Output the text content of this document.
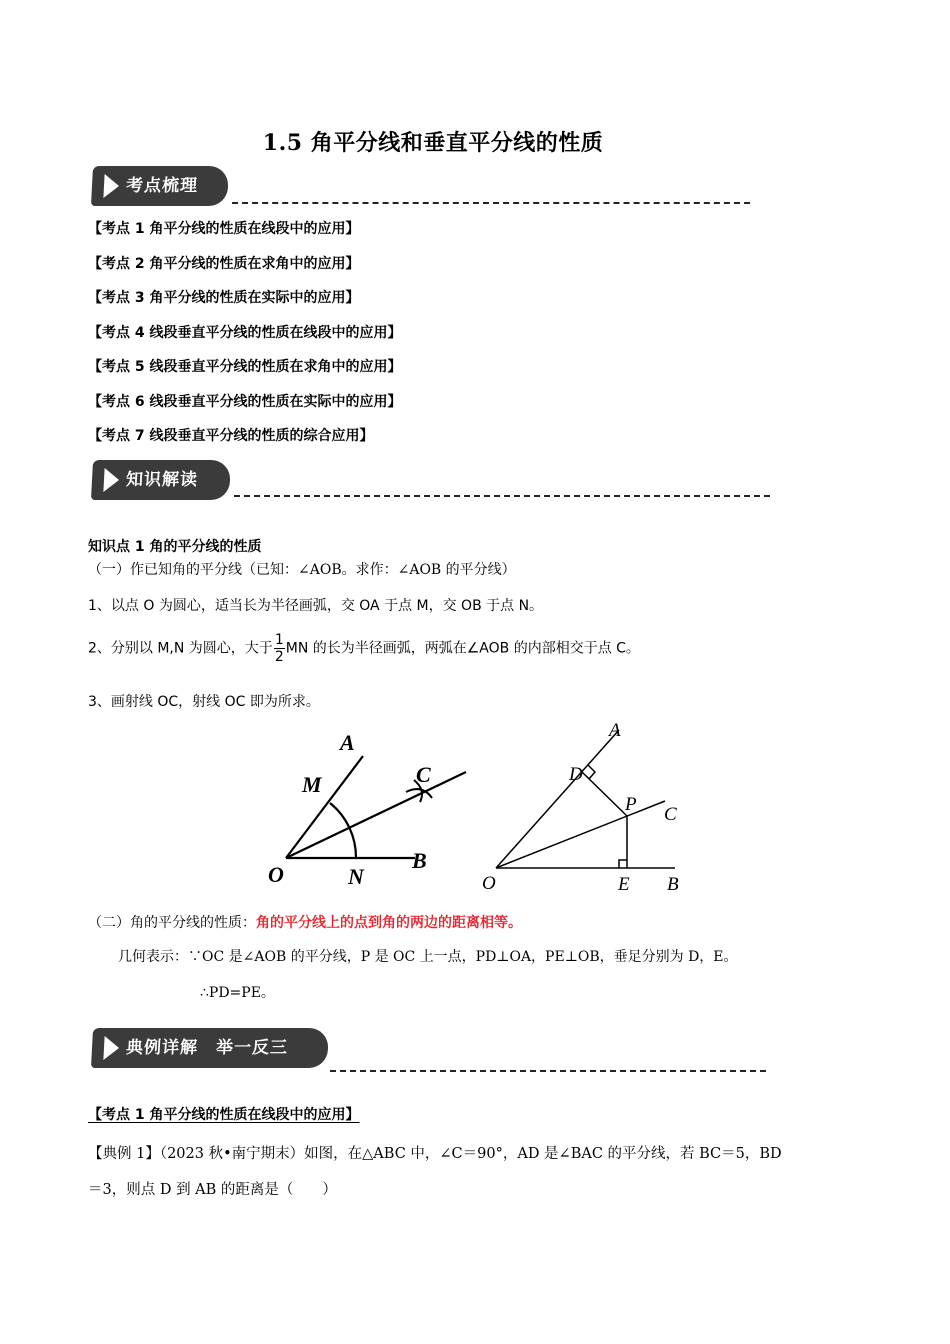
1.5 角平分线和垂直平分线的性质
考点梳理
【考点 1 角平分线的性质在线段中的应用】
【考点 2 角平分线的性质在求角中的应用】
【考点 3 角平分线的性质在实际中的应用】
【考点 4 线段垂直平分线的性质在线段中的应用】
【考点 5 线段垂直平分线的性质在求角中的应用】
【考点 6 线段垂直平分线的性质在实际中的应用】
【考点 7 线段垂直平分线的性质的综合应用】
知识解读
知识点 1 角的平分线的性质
（一）作已知角的平分线（已知：∠AOB。求作：∠AOB 的平分线）
1、以点 O 为圆心，适当长为半径画弧，交 OA 于点 M，交 OB 于点 N。
2、分别以 M,N 为圆心，大于 $\frac{1}{2}$ MN 的长为半径画弧，两弧在∠AOB 的内部相交于点 C。
3、画射线 OC，射线 OC 即为所求。
A
M	C
O	N
B
A
D
P C
O	E B
（二）角的平分线的性质：角的平分线上的点到角的两边的距离相等。
几何表示：∵OC 是∠AOB 的平分线，P 是 OC 上一点，PD⊥OA，PE⊥OB，垂足分别为 D，E。
∴PD=PE。
典例详解　举一反三
【考点 1 角平分线的性质在线段中的应用】
【典例 1】（2023 秋•南宁期末）如图，在△ABC 中，∠C＝90°，AD 是∠BAC 的平分线，若 BC＝5，BD
＝3，则点 D 到 AB 的距离是（　　）
